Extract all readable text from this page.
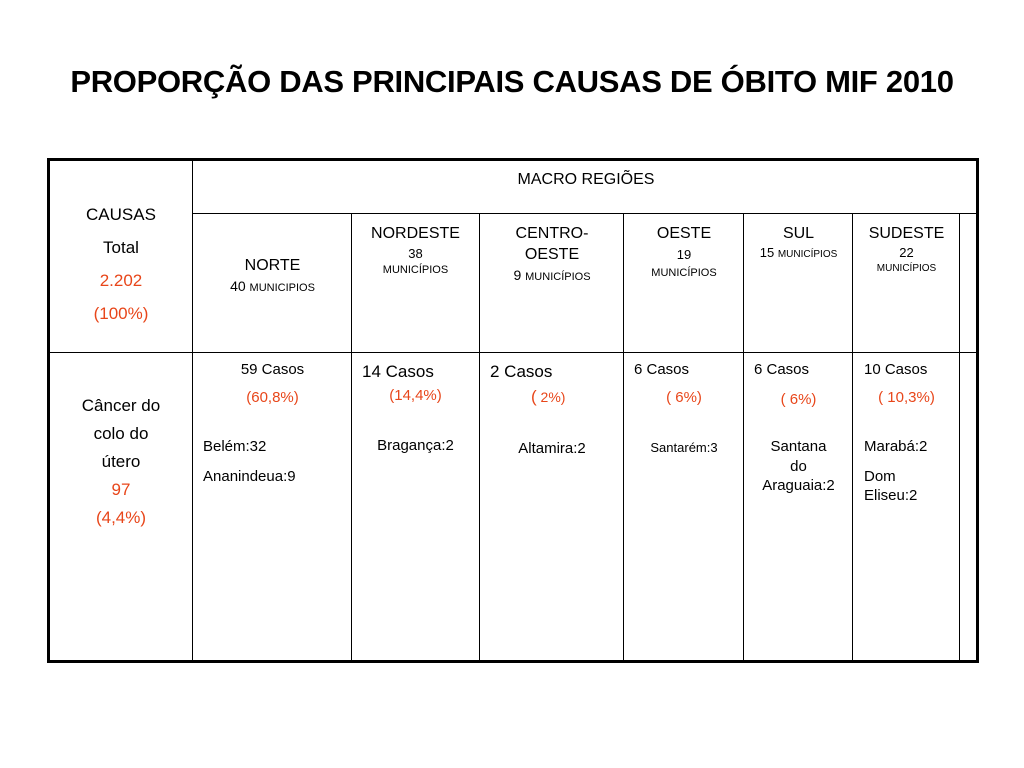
PROPORÇÃO DAS PRINCIPAIS CAUSAS DE ÓBITO MIF 2010
CAUSAS
Total
2.202
(100%)
MACRO REGIÕES
NORTE
40 MUNICIPIOS
NORDESTE
38
MUNICÍPIOS
CENTRO-
OESTE
9 MUNICÍPIOS
OESTE
19
MUNICÍPIOS
SUL
15 MUNICÍPIOS
SUDESTE
22
MUNICÍPIOS
Câncer do
colo do
útero
97
(4,4%)
59 Casos
(60,8%)
Belém:32
Ananindeua:9
14 Casos
(14,4%)
Bragança:2
2 Casos
( 2%)
Altamira:2
6 Casos
( 6%)
Santarém:3
6 Casos
( 6%)
Santana
do
Araguaia:2
10 Casos
( 10,3%)
Marabá:2
Dom
Eliseu:2
